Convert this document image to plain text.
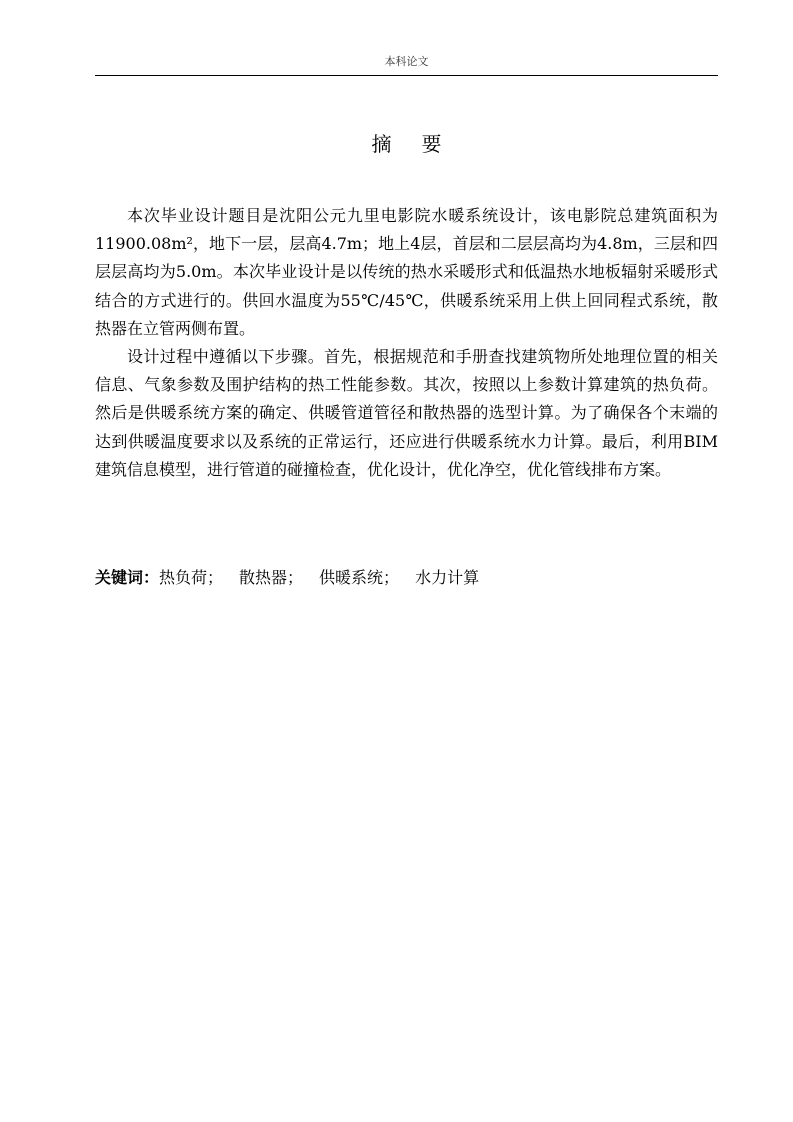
本科论文
摘要

本次毕业设计题目是沈阳公元九里电影院水暖系统设计，该电影院总建筑面积为11900.08m²，地下一层，层高4.7m；地上4层，首层和二层层高均为4.8m，三层和四层层高均为5.0m。本次毕业设计是以传统的热水采暖形式和低温热水地板辐射采暖形式结合的方式进行的。供回水温度为55℃/45℃，供暖系统采用上供上回同程式系统，散热器在立管两侧布置。

设计过程中遵循以下步骤。首先，根据规范和手册查找建筑物所处地理位置的相关信息、气象参数及围护结构的热工性能参数。其次，按照以上参数计算建筑的热负荷。然后是供暖系统方案的确定、供暖管道管径和散热器的选型计算。为了确保各个末端的达到供暖温度要求以及系统的正常运行，还应进行供暖系统水力计算。最后，利用BIM建筑信息模型，进行管道的碰撞检查，优化设计，优化净空，优化管线排布方案。

关键词：热负荷； 散热器； 供暖系统； 水力计算
